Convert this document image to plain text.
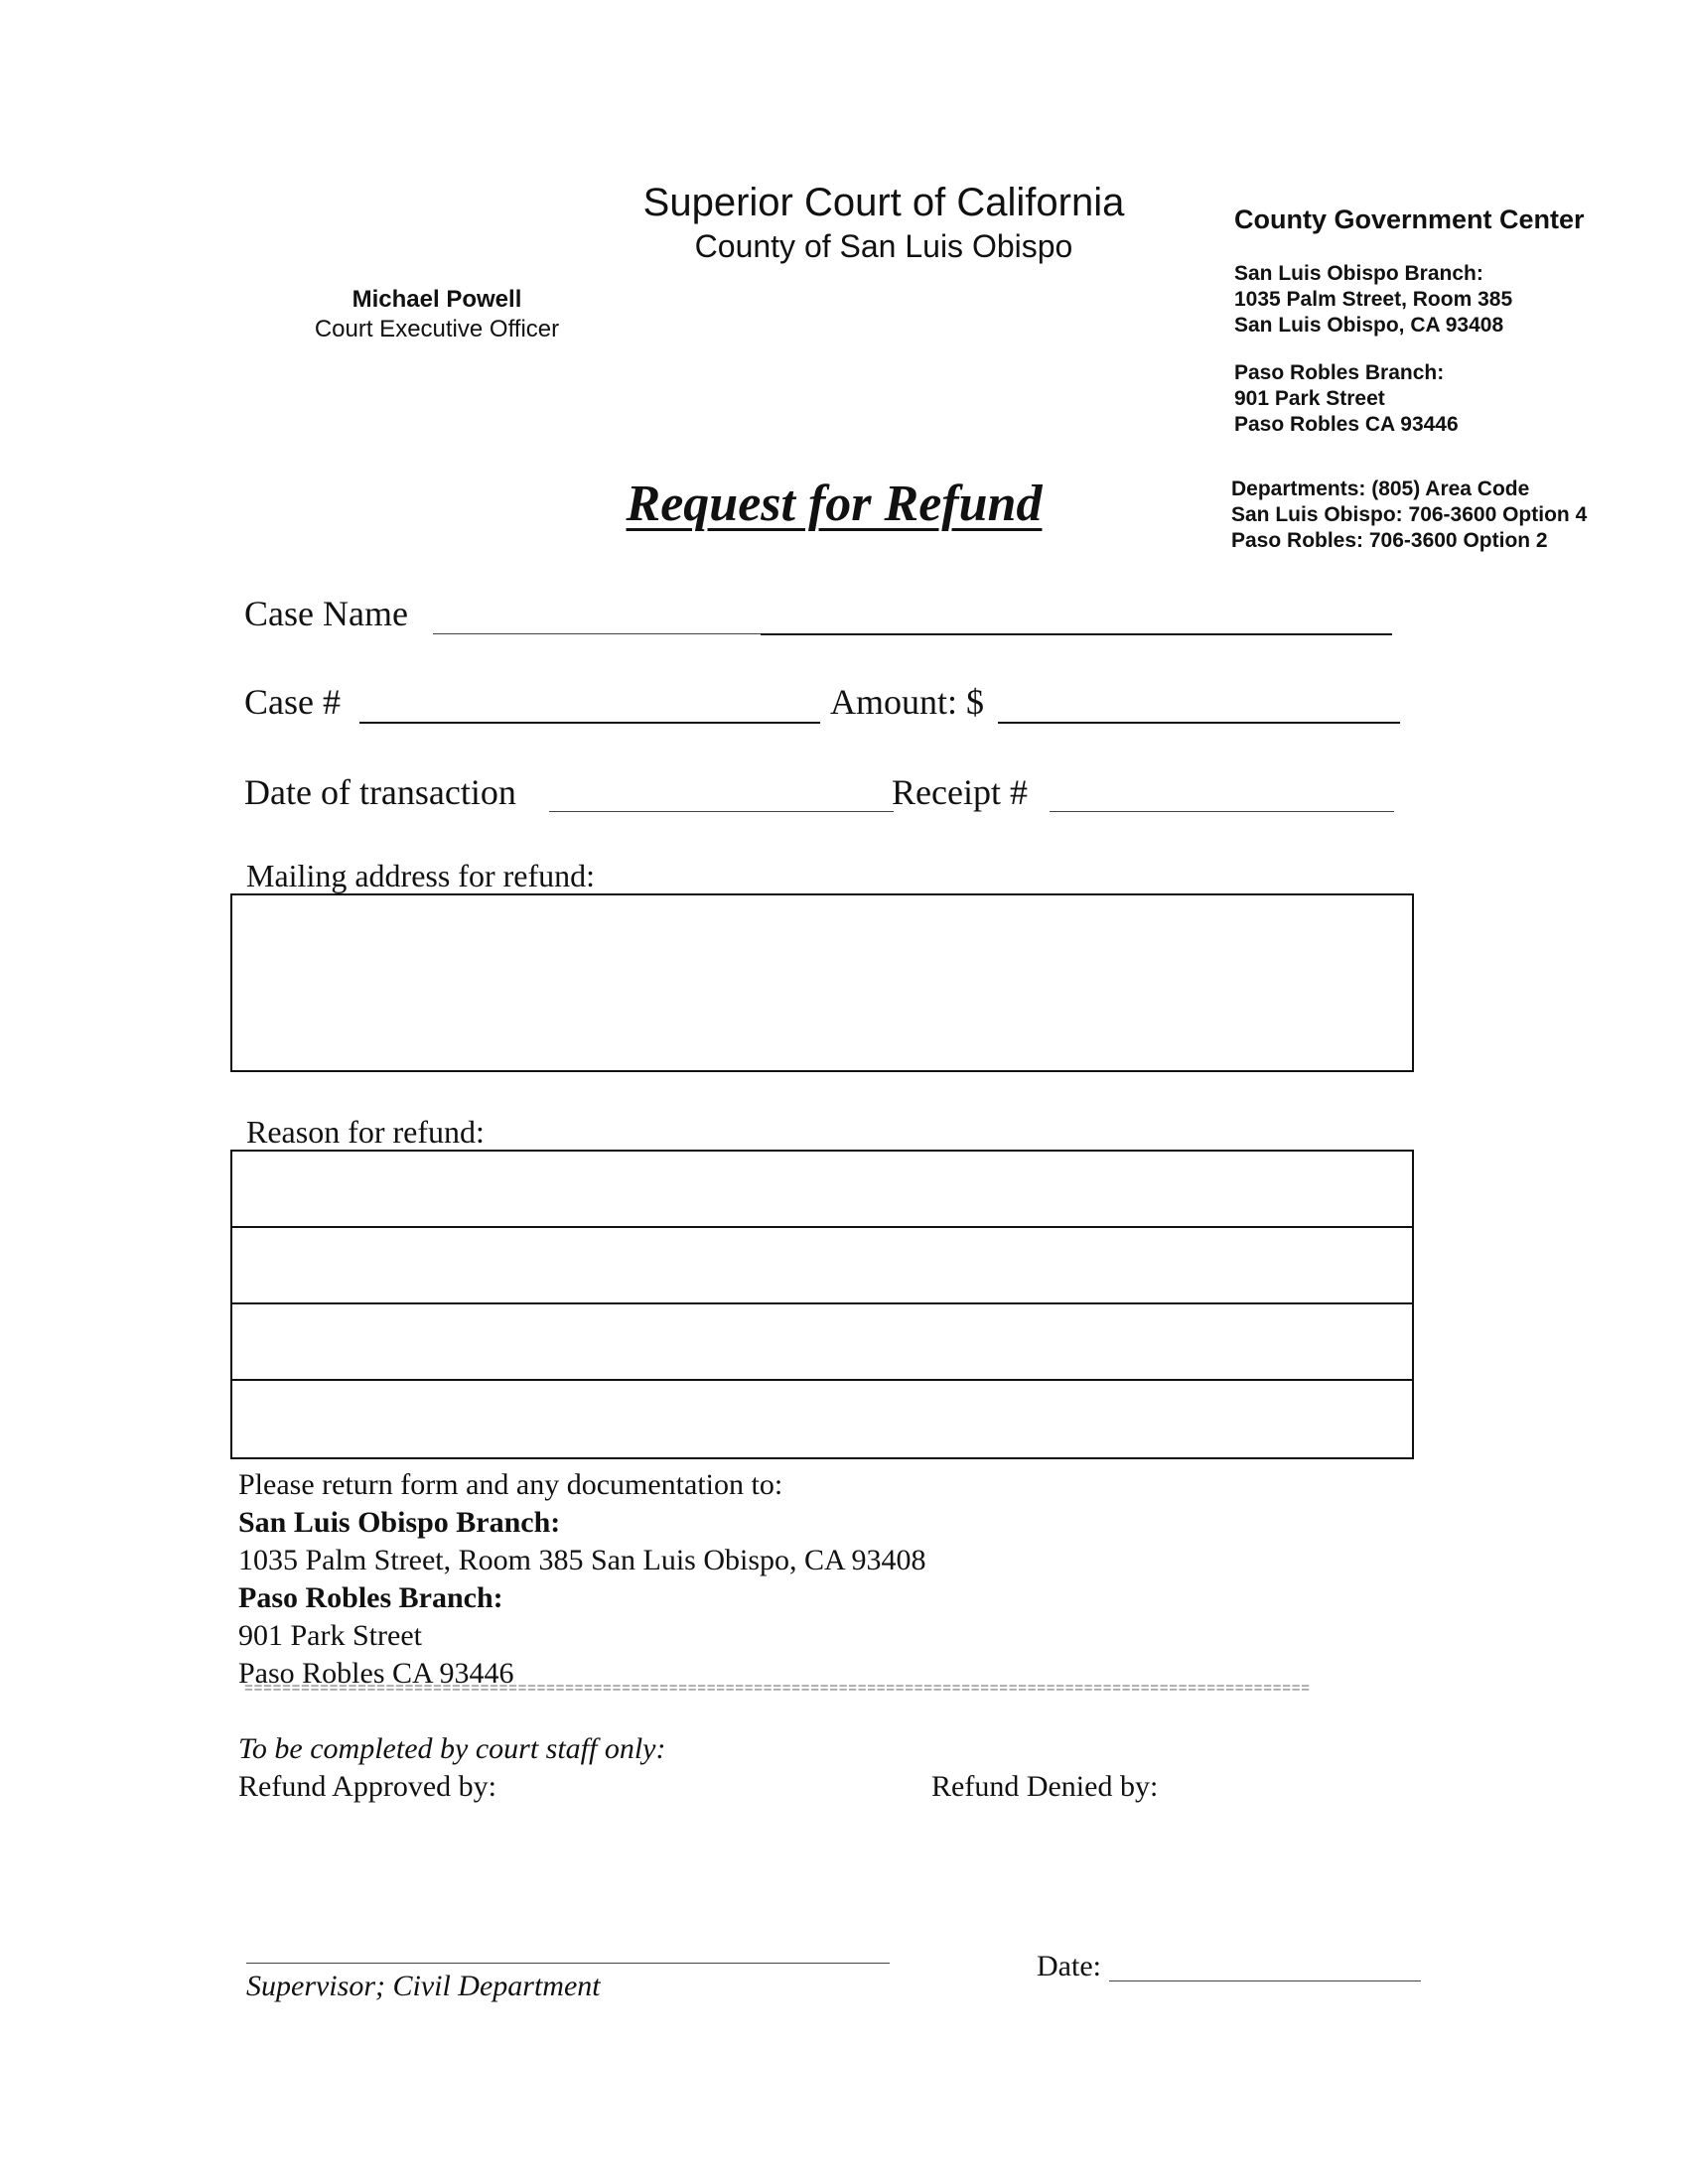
Superior Court of California
County of San Luis Obispo
Michael Powell
Court Executive Officer
County Government Center
San Luis Obispo Branch:
1035 Palm Street, Room 385
San Luis Obispo, CA 93408
Paso Robles Branch:
901 Park Street
Paso Robles CA 93446
Departments: (805) Area Code
San Luis Obispo: 706-3600 Option 4
Paso Robles: 706-3600 Option 2
Request for Refund
Case Name
Case #	Amount: $
Date of transaction	Receipt #
Mailing address for refund:
Reason for refund:
Please return form and any documentation to:
San Luis Obispo Branch:
1035 Palm Street, Room 385 San Luis Obispo, CA 93408
Paso Robles Branch:
901 Park Street
Paso Robles CA 93446
=================================================================================================================
To be completed by court staff only:
Refund Approved by:	Refund Denied by:
Supervisor; Civil Department
Date:
